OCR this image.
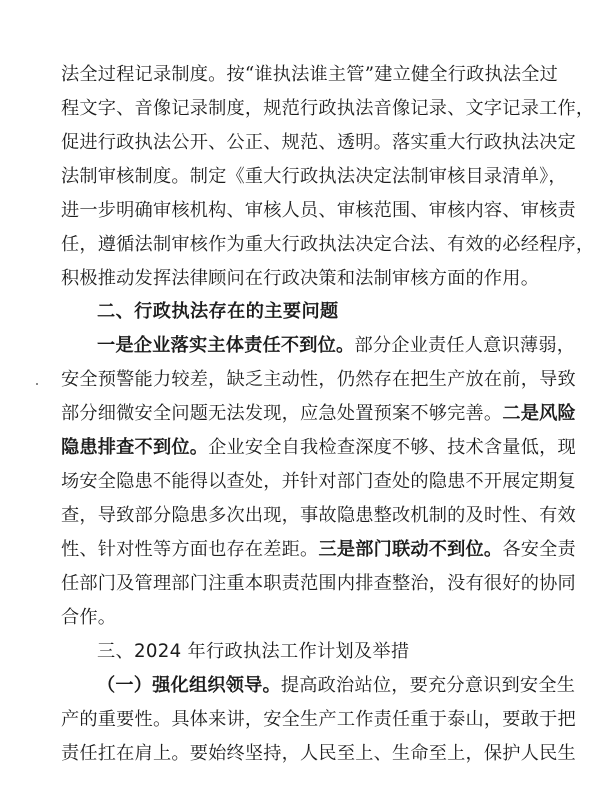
法全过程记录制度。按“谁执法谁主管”建立健全行政执法全过
程文字、音像记录制度，规范行政执法音像记录、文字记录工作，
促进行政执法公开、公正、规范、透明。落实重大行政执法决定
法制审核制度。制定《重大行政执法决定法制审核目录清单》，
进一步明确审核机构、审核人员、审核范围、审核内容、审核责
任，遵循法制审核作为重大行政执法决定合法、有效的必经程序，
积极推动发挥法律顾问在行政决策和法制审核方面的作用。
二、行政执法存在的主要问题
一是企业落实主体责任不到位。部分企业责任人意识薄弱，
安全预警能力较差，缺乏主动性，仍然存在把生产放在前，导致
部分细微安全问题无法发现，应急处置预案不够完善。二是风险
隐患排查不到位。企业安全自我检查深度不够、技术含量低，现
场安全隐患不能得以查处，并针对部门查处的隐患不开展定期复
查，导致部分隐患多次出现，事故隐患整改机制的及时性、有效
性、针对性等方面也存在差距。三是部门联动不到位。各安全责
任部门及管理部门注重本职责范围内排查整治，没有很好的协同
合作。
三、2024 年行政执法工作计划及举措
（一）强化组织领导。提高政治站位，要充分意识到安全生
产的重要性。具体来讲，安全生产工作责任重于泰山，要敢于把
责任扛在肩上。要始终坚持，人民至上、生命至上，保护人民生
